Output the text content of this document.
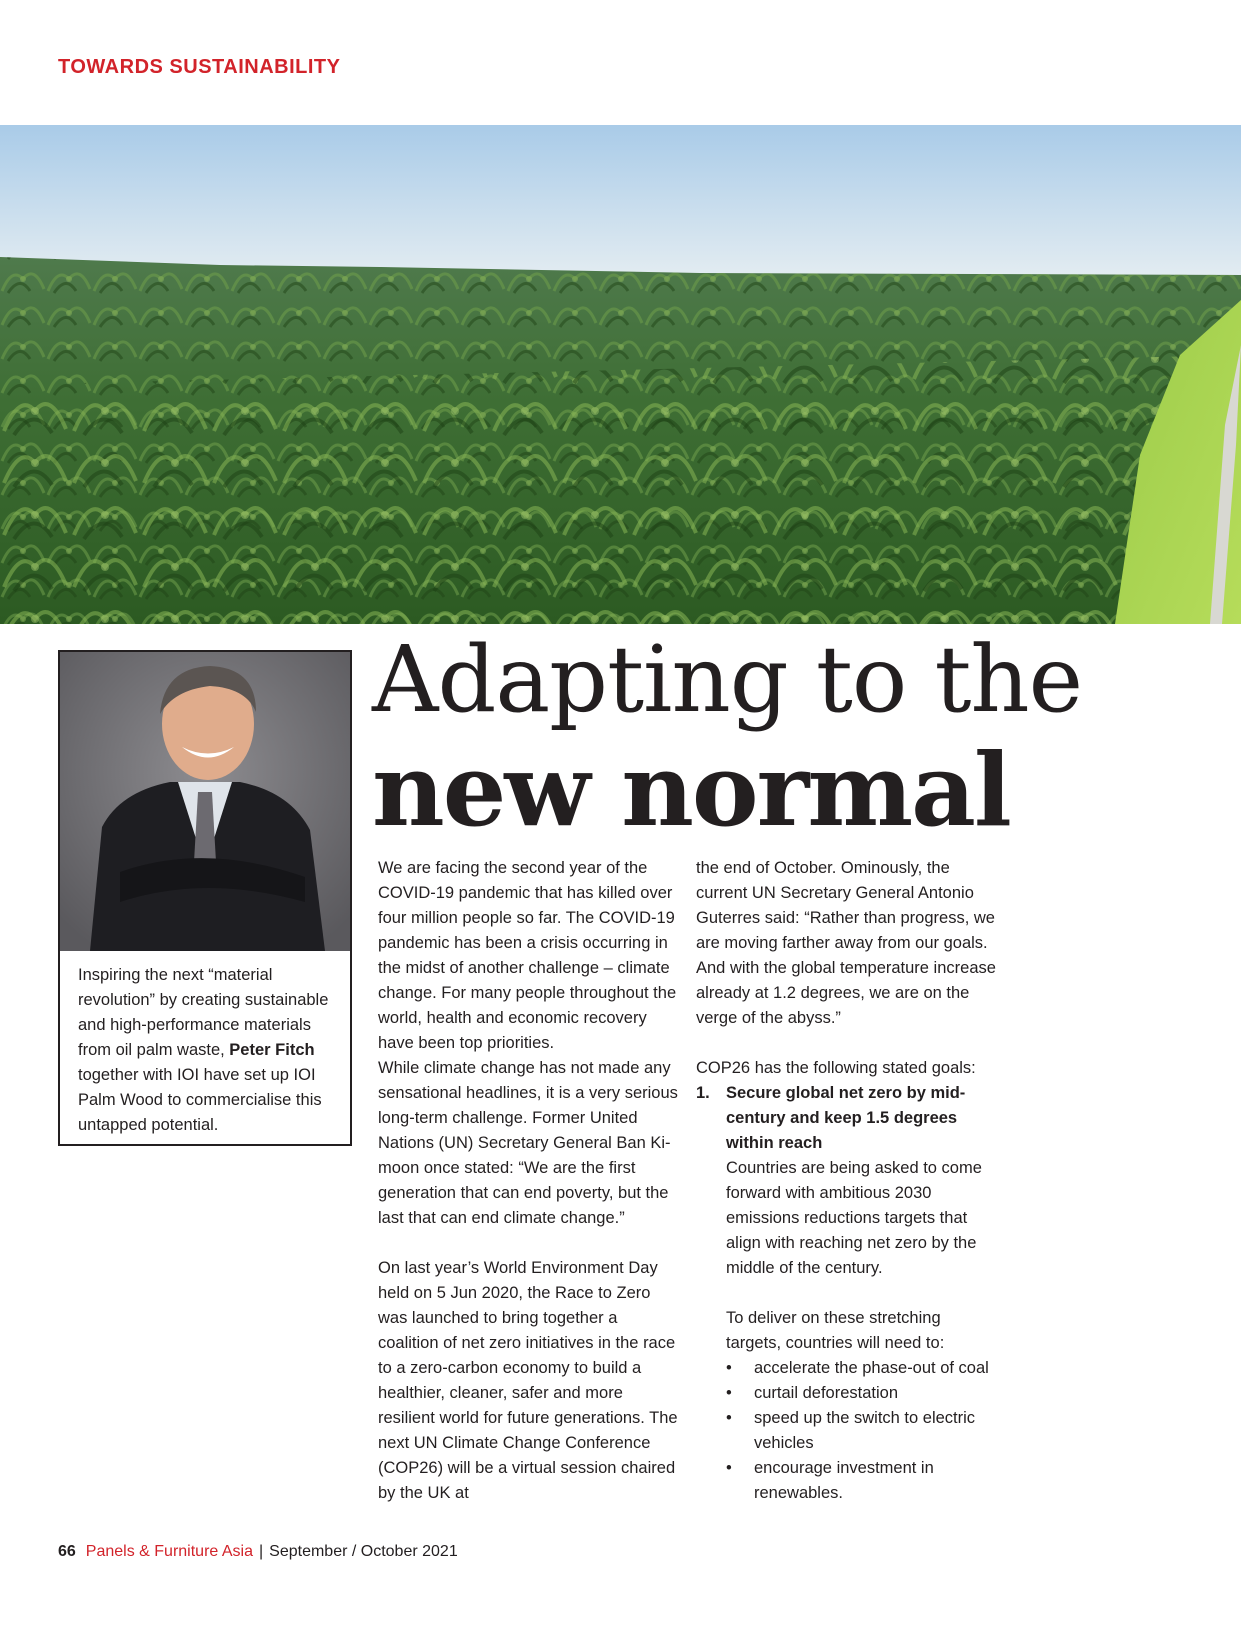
TOWARDS SUSTAINABILITY
Inspiring the next “material revolution” by creating sustainable and high-performance materials from oil palm waste, Peter Fitch together with IOI have set up IOI Palm Wood to commercialise this untapped potential.
Adapting to the
new normal

We are facing the second year of the COVID-19 pandemic that has killed over four million people so far. The COVID-19 pandemic has been a crisis occurring in the midst of another challenge – climate change. For many people throughout the world, health and economic recovery have been top priorities.

While climate change has not made any sensational headlines, it is a very serious long-term challenge. Former United Nations (UN) Secretary General Ban Ki-moon once stated: “We are the first generation that can end poverty, but the last that can end climate change.”

On last year’s World Environment Day held on 5 Jun 2020, the Race to Zero was launched to bring together a coalition of net zero initiatives in the race to a zero-carbon economy to build a healthier, cleaner, safer and more resilient world for future generations. The next UN Climate Change Conference (COP26) will be a virtual session chaired by the UK at

the end of October. Ominously, the current UN Secretary General Antonio Guterres said: “Rather than progress, we are moving farther away from our goals. And with the global temperature increase already at 1.2 degrees, we are on the verge of the abyss.”

COP26 has the following stated goals:

1. Secure global net zero by mid-century and keep 1.5 degrees within reach
Countries are being asked to come forward with ambitious 2030 emissions reductions targets that align with reaching net zero by the middle of the century.
To deliver on these stretching targets, countries will need to:
• accelerate the phase-out of coal
• curtail deforestation
• speed up the switch to electric vehicles
• encourage investment in renewables.
66 Panels & Furniture Asia | September / October 2021
